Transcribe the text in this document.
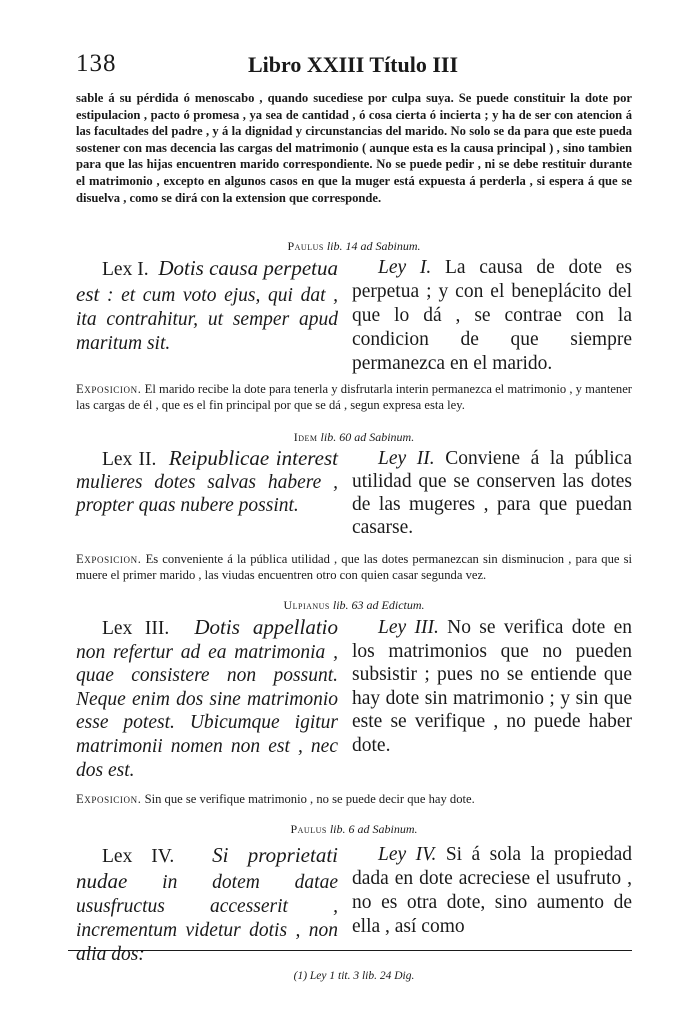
138	Libro XXIII Título III
sable á su pérdida ó menoscabo , quando sucediese por culpa suya. Se puede constituir la dote por estipulacion , pacto ó promesa , ya sea de cantidad , ó cosa cierta ó incierta ; y ha de ser con atencion á las facultades del padre , y á la dignidad y circunstancias del marido. No solo se da para que este pueda sostener con mas decencia las cargas del matrimonio ( aunque esta es la causa principal ) , sino tambien para que las hijas encuentren marido correspondiente. No se puede pedir , ni se debe restituir durante el matrimonio , excepto en algunos casos en que la muger está expuesta á perderla , si espera á que se disuelva , como se dirá con la extension que corresponde.
Paulus lib. 14 ad Sabinum.
Lex I. Dotis causa perpetua est : et cum voto ejus, qui dat , ita contrahitur, ut semper apud maritum sit.
Ley I. La causa de dote es perpetua ; y con el beneplácito del que lo dá , se contrae con la condicion de que siempre permanezca en el marido.
Exposicion. El marido recibe la dote para tenerla y disfrutarla interin permanezca el matrimonio , y mantener las cargas de él , que es el fin principal por que se dá , segun expresa esta ley.
Idem lib. 60 ad Sabinum.
Lex II. Reipublicae interest mulieres dotes salvas habere , propter quas nubere possint.
Ley II. Conviene á la pública utilidad que se conserven las dotes de las mugeres , para que puedan casarse.
Exposicion. Es conveniente á la pública utilidad , que las dotes permanezcan sin disminucion , para que si muere el primer marido , las viudas encuentren otro con quien casar segunda vez.
Ulpianus lib. 63 ad Edictum.
Lex III. Dotis appellatio non refertur ad ea matrimonia , quae consistere non possunt. Neque enim dos sine matrimonio esse potest. Ubicumque igitur matrimonii nomen non est , nec dos est.
Ley III. No se verifica dote en los matrimonios que no pueden subsistir ; pues no se entiende que hay dote sin matrimonio ; y sin que este se verifique , no puede haber dote.
Exposicion. Sin que se verifique matrimonio , no se puede decir que hay dote.
Paulus lib. 6 ad Sabinum.
Lex IV. Si proprietati nudae in dotem datae ususfructus accesserit , incrementum videtur dotis , non alia dos:
Ley IV. Si á sola la propiedad dada en dote acreciese el usufruto , no es otra dote, sino aumento de ella , así como
(1) Ley 1 tit. 3 lib. 24 Dig.
